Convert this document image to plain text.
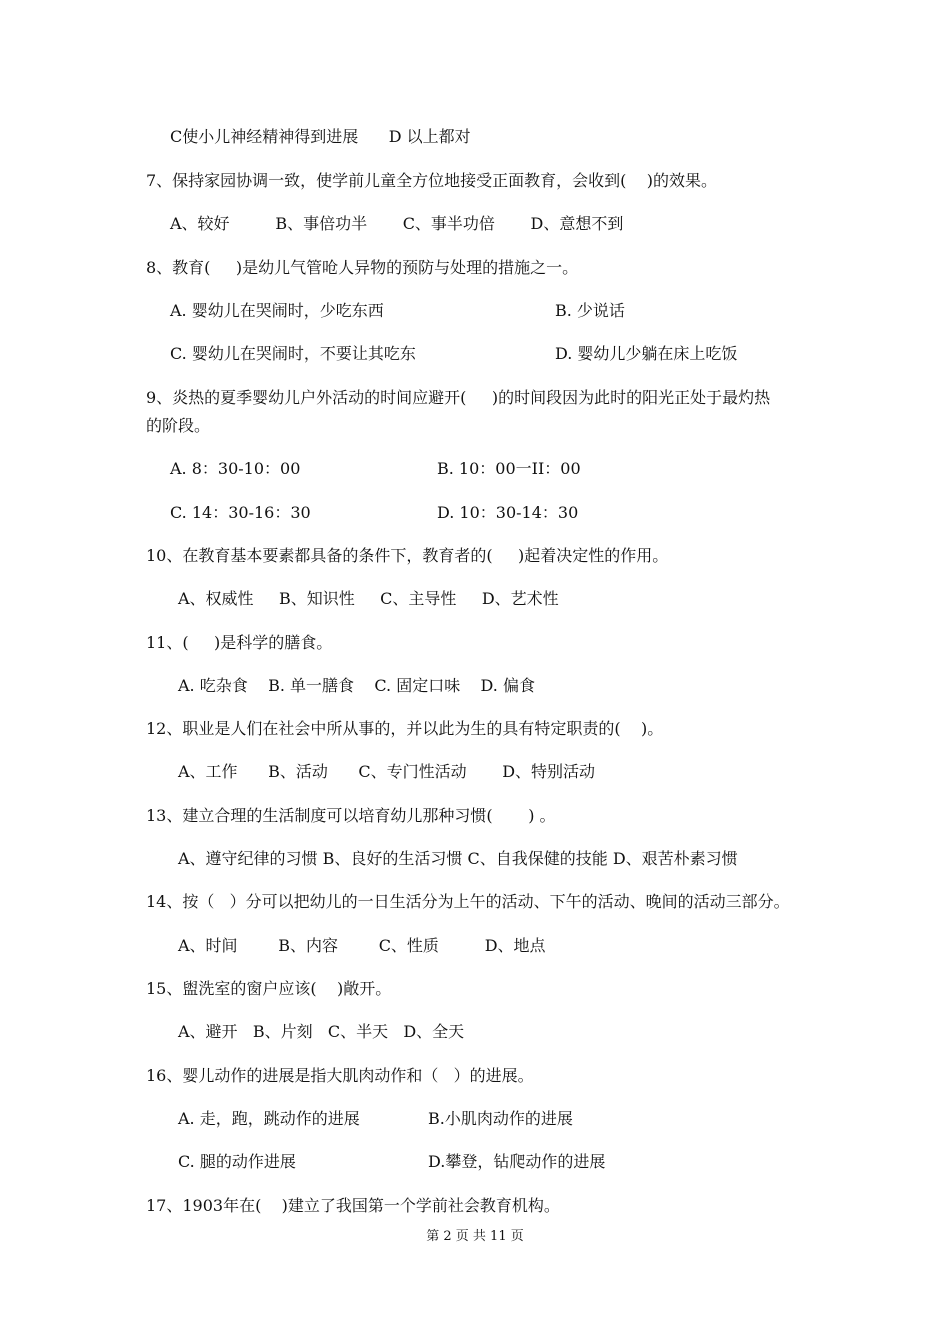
C使小儿神经精神得到进展      D 以上都对
7、保持家园协调一致，使学前儿童全方位地接受正面教育，会收到(    )的效果。
A、较好         B、事倍功半       C、事半功倍       D、意想不到
8、教育(     )是幼儿气管呛人异物的预防与处理的措施之一。
A. 婴幼儿在哭闹时，少吃东西	B. 少说话
C. 婴幼儿在哭闹时，不要让其吃东	D. 婴幼儿少躺在床上吃饭
9、炎热的夏季婴幼儿户外活动的时间应避开(     )的时间段因为此时的阳光正处于最灼热
的阶段。
A. 8：30-10：00	B. 10：00一II：00
C. 14：30-16：30	D. 10：30-14：30
10、在教育基本要素都具备的条件下，教育者的(     )起着决定性的作用。
A、权威性     B、知识性     C、主导性     D、艺术性
11、(     )是科学的膳食。
A. 吃杂食    B. 单一膳食    C. 固定口味    D. 偏食
12、职业是人们在社会中所从事的，并以此为生的具有特定职责的(    )。
A、工作      B、活动      C、专门性活动       D、特别活动
13、建立合理的生活制度可以培育幼儿那种习惯(       ) 。
A、遵守纪律的习惯 B、良好的生活习惯 C、自我保健的技能 D、艰苦朴素习惯
14、按（   ）分可以把幼儿的一日生活分为上午的活动、下午的活动、晚间的活动三部分。
A、时间        B、内容        C、性质         D、地点
15、盥洗室的窗户应该(    )敞开。
A、避开   B、片刻   C、半天   D、全天
16、婴儿动作的进展是指大肌肉动作和（   ）的进展。
A. 走，跑，跳动作的进展	B.小肌肉动作的进展
C. 腿的动作进展	D.攀登，钻爬动作的进展
17、1903年在(    )建立了我国第一个学前社会教育机构。
第 2 页 共 11 页
